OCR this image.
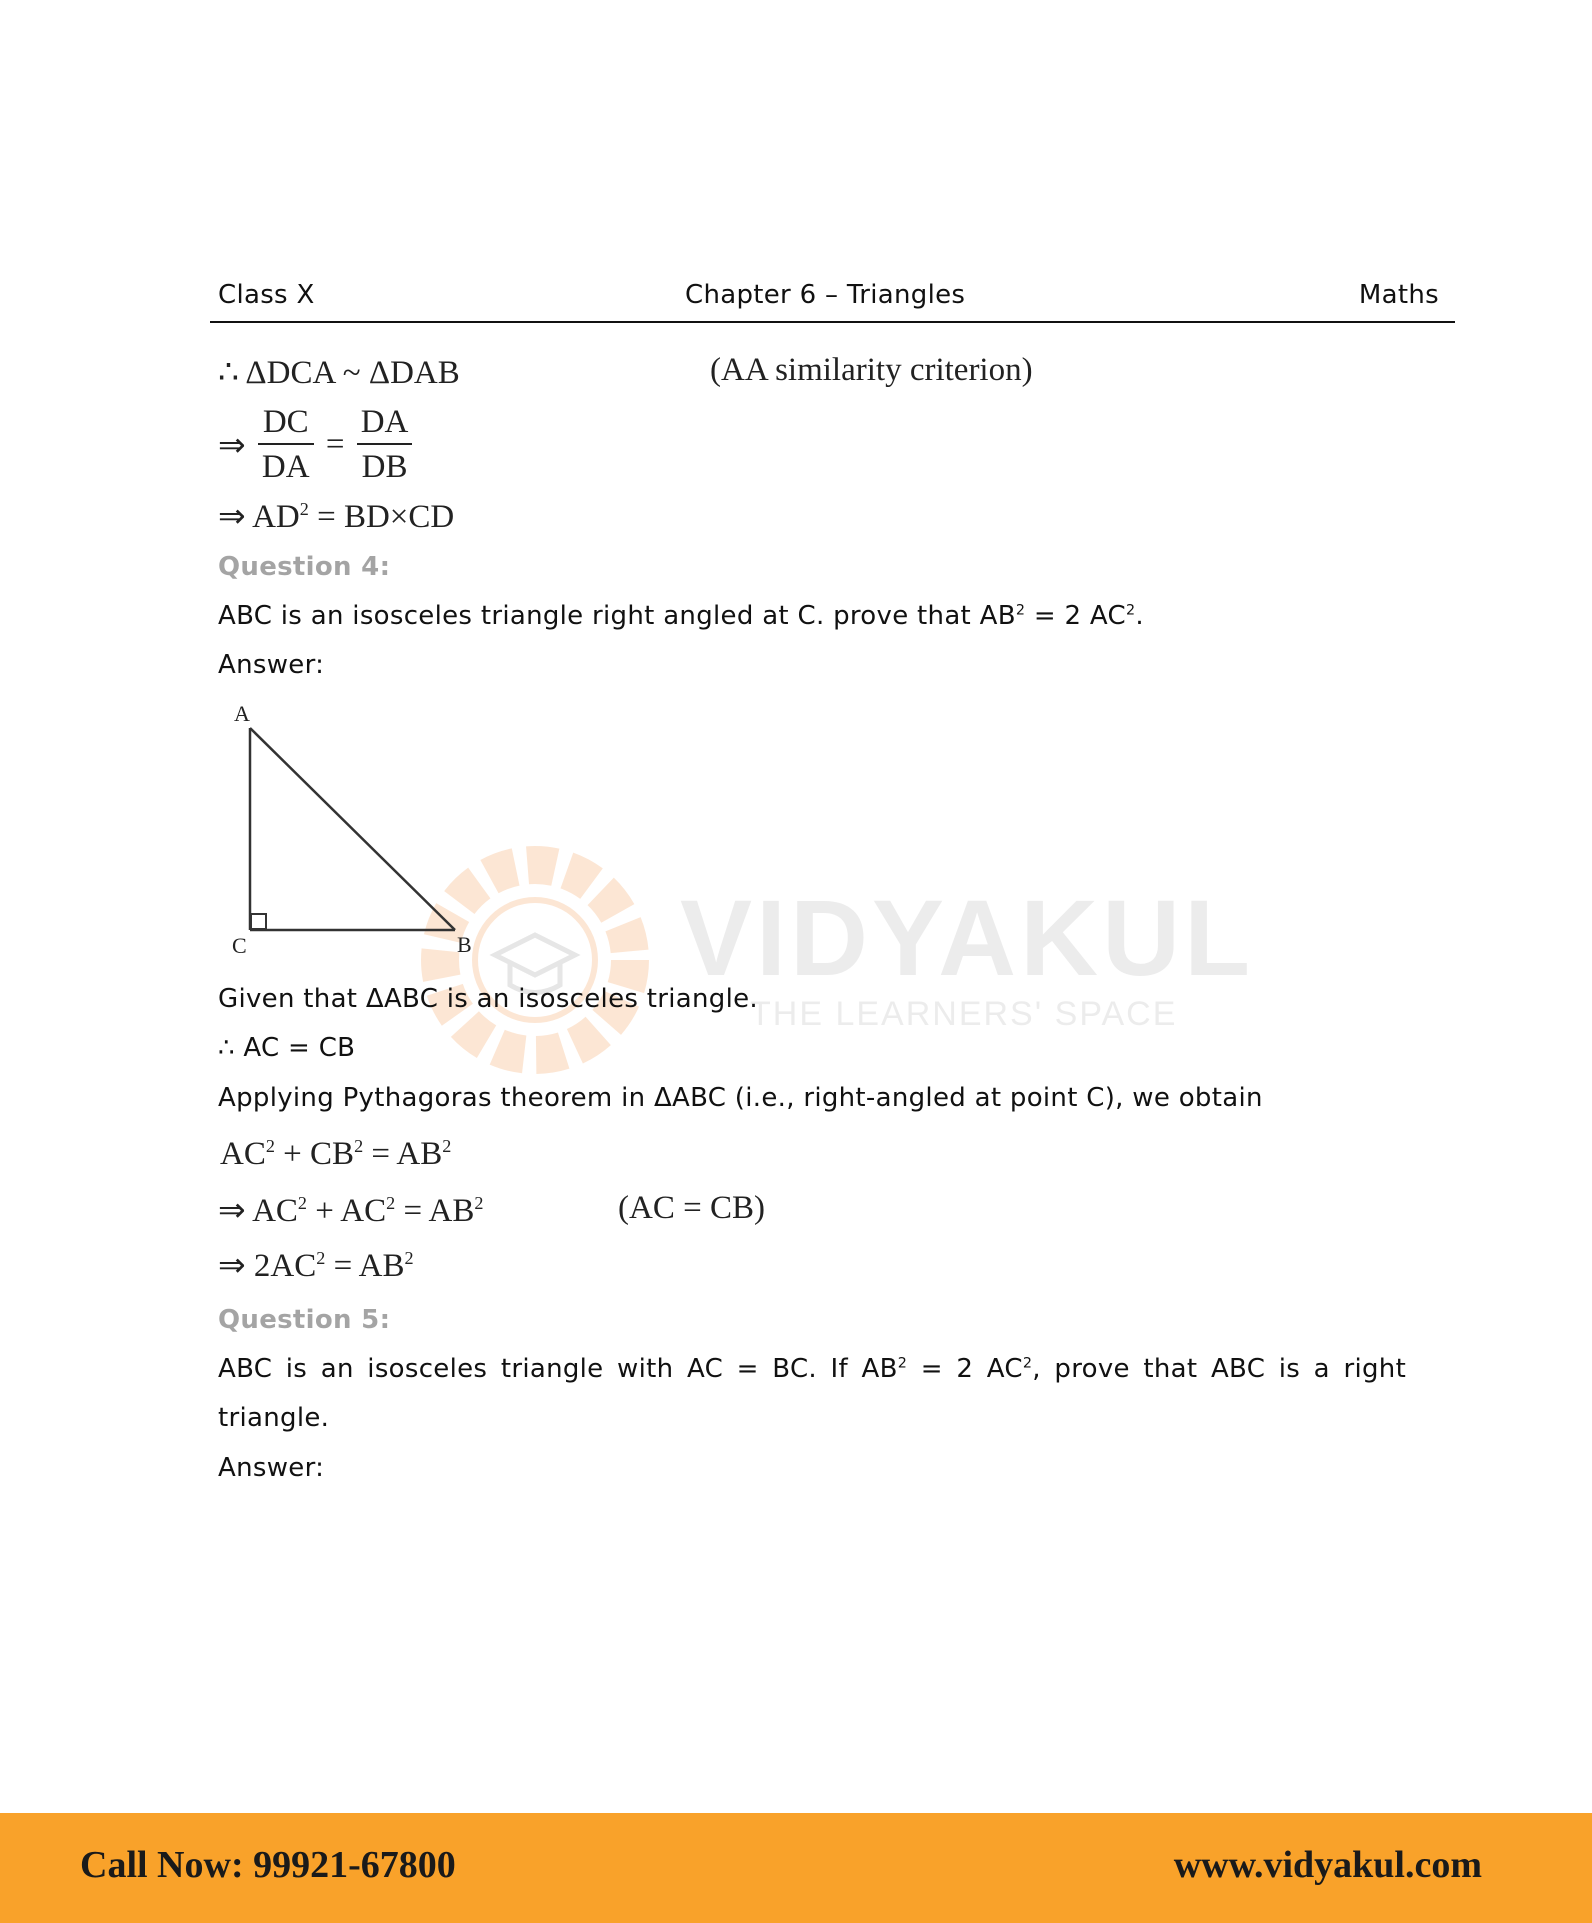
VIDYAKUL
THE LEARNERS' SPACE
Class X	Chapter 6 – Triangles	Maths
∴ ΔDCA ~ ΔDAB	(AA similarity criterion)
⇒ $\frac{DC}{DA} = \frac{DA}{DB}$
⇒ $AD^2 = BD\times CD$
Question 4:
ABC is an isosceles triangle right angled at C. prove that $AB^2 = 2$ $AC^2$.
Answer:
A
C	B
Given that ΔABC is an isosceles triangle.
∴ AC = CB
Applying Pythagoras theorem in ΔABC (i.e., right-angled at point C), we obtain
$AC^2 + CB^2 = AB^2$
⇒ $AC^2 + AC^2 = AB^2$	(AC = CB)
⇒ $2AC^2 = AB^2$
Question 5:
ABC is an isosceles triangle with AC = BC. If $AB^2 = 2$ $AC^2$, prove that ABC is a right
triangle.
Answer:
Call Now: 99921-67800	www.vidyakul.com
